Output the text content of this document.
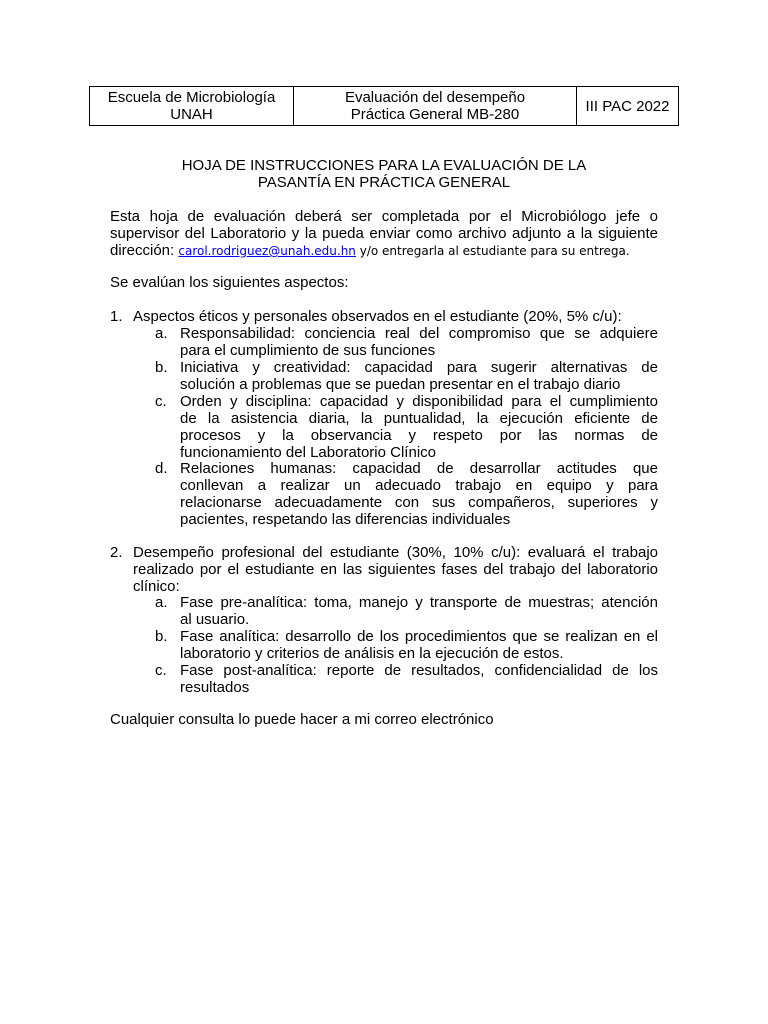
Escuela de Microbiología
UNAH
Evaluación del desempeño
Práctica General MB-280	III PAC 2022
HOJA DE INSTRUCCIONES PARA LA EVALUACIÓN DE LA
PASANTÍA EN PRÁCTICA GENERAL
Esta hoja de evaluación deberá ser completada por el Microbiólogo jefe o
supervisor del Laboratorio y la pueda enviar como archivo adjunto a la siguiente
dirección: carol.rodriguez@unah.edu.hn y/o entregarla al estudiante para su entrega.
Se evalúan los siguientes aspectos:
1. Aspectos éticos y personales observados en el estudiante (20%, 5% c/u):
a. Responsabilidad: conciencia real del compromiso que se adquiere
para el cumplimiento de sus funciones
b. Iniciativa y creatividad: capacidad para sugerir alternativas de
solución a problemas que se puedan presentar en el trabajo diario
c. Orden y disciplina: capacidad y disponibilidad para el cumplimiento
de la asistencia diaria, la puntualidad, la ejecución eficiente de
procesos y la observancia y respeto por las normas de
funcionamiento del Laboratorio Clínico
d. Relaciones humanas: capacidad de desarrollar actitudes que
conllevan a realizar un adecuado trabajo en equipo y para
relacionarse adecuadamente con sus compañeros, superiores y
pacientes, respetando las diferencias individuales
2. Desempeño profesional del estudiante (30%, 10% c/u): evaluará el trabajo
realizado por el estudiante en las siguientes fases del trabajo del laboratorio
clínico:
a. Fase pre-analítica: toma, manejo y transporte de muestras; atención
al usuario.
b. Fase analítica: desarrollo de los procedimientos que se realizan en el
laboratorio y criterios de análisis en la ejecución de estos.
c. Fase post-analítica: reporte de resultados, confidencialidad de los
resultados
Cualquier consulta lo puede hacer a mi correo electrónico
